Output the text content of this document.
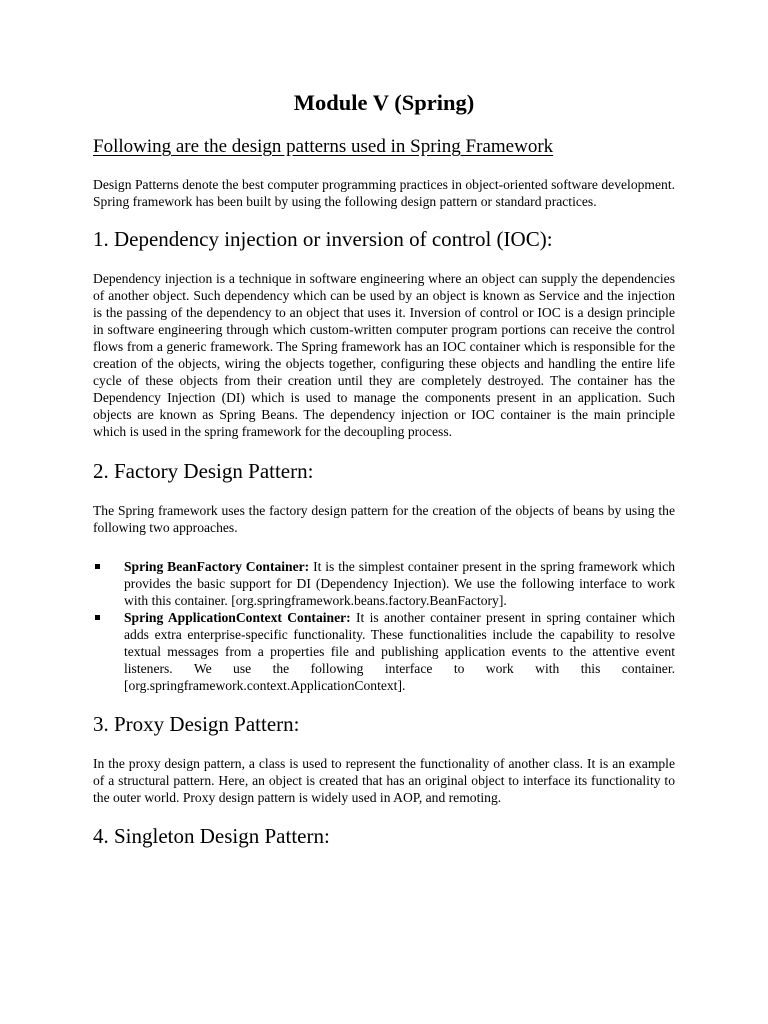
Module V (Spring)
Following are the design patterns used in Spring Framework

Design Patterns denote the best computer programming practices in object-oriented software development. Spring framework has been built by using the following design pattern or standard practices.

1. Dependency injection or inversion of control (IOC):

Dependency injection is a technique in software engineering where an object can supply the dependencies of another object. Such dependency which can be used by an object is known as Service and the injection is the passing of the dependency to an object that uses it. Inversion of control or IOC is a design principle in software engineering through which custom-written computer program portions can receive the control flows from a generic framework. The Spring framework has an IOC container which is responsible for the creation of the objects, wiring the objects together, configuring these objects and handling the entire life cycle of these objects from their creation until they are completely destroyed. The container has the Dependency Injection (DI) which is used to manage the components present in an application. Such objects are known as Spring Beans. The dependency injection or IOC container is the main principle which is used in the spring framework for the decoupling process.

2. Factory Design Pattern:

The Spring framework uses the factory design pattern for the creation of the objects of beans by using the following two approaches.

Spring BeanFactory Container: It is the simplest container present in the spring framework which provides the basic support for DI (Dependency Injection). We use the following interface to work with this container. [org.springframework.beans.factory.BeanFactory].
Spring ApplicationContext Container: It is another container present in spring container which adds extra enterprise-specific functionality. These functionalities include the capability to resolve textual messages from a properties file and publishing application events to the attentive event listeners. We use the following interface to work with this container. [org.springframework.context.ApplicationContext].
3. Proxy Design Pattern:

In the proxy design pattern, a class is used to represent the functionality of another class. It is an example of a structural pattern. Here, an object is created that has an original object to interface its functionality to the outer world. Proxy design pattern is widely used in AOP, and remoting.

4. Singleton Design Pattern:
